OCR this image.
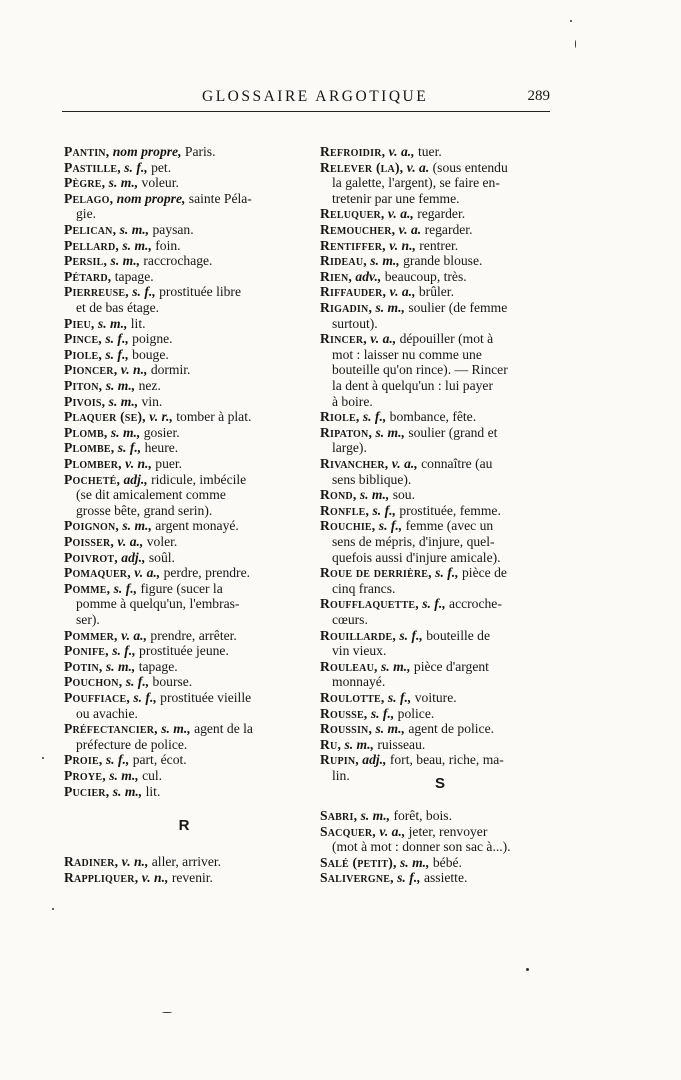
GLOSSAIRE ARGOTIQUE	289
Pantin, nom propre, Paris.
Pastille, s. f., pet.
Pègre, s. m., voleur.
Pelago, nom propre, sainte Péla-
gie.
Pelican, s. m., paysan.
Pellard, s. m., foin.
Persil, s. m., raccrochage.
Pétard, tapage.
Pierreuse, s. f., prostituée libre
et de bas étage.
Pieu, s. m., lit.
Pince, s. f., poigne.
Piole, s. f., bouge.
Pioncer, v. n., dormir.
Piton, s. m., nez.
Pivois, s. m., vin.
Plaquer (se), v. r., tomber à plat.
Plomb, s. m., gosier.
Plombe, s. f., heure.
Plomber, v. n., puer.
Pocheté, adj., ridicule, imbécile
(se dit amicalement comme
grosse bête, grand serin).
Poignon, s. m., argent monayé.
Poisser, v. a., voler.
Poivrot, adj., soûl.
Pomaquer, v. a., perdre, prendre.
Pomme, s. f., figure (sucer la
pomme à quelqu'un, l'embras-
ser).
Pommer, v. a., prendre, arrêter.
Ponife, s. f., prostituée jeune.
Potin, s. m., tapage.
Pouchon, s. f., bourse.
Pouffiace, s. f., prostituée vieille
ou avachie.
Préfectancier, s. m., agent de la
préfecture de police.
Proie, s. f., part, écot.
Proye, s. m., cul.
Pucier, s. m., lit.
R
Radiner, v. n., aller, arriver.
Rappliquer, v. n., revenir.
Refroidir, v. a., tuer.
Relever (la), v. a. (sous entendu
la galette, l'argent), se faire en-
tretenir par une femme.
Reluquer, v. a., regarder.
Remoucher, v. a. regarder.
Rentiffer, v. n., rentrer.
Rideau, s. m., grande blouse.
Rien, adv., beaucoup, très.
Riffauder, v. a., brûler.
Rigadin, s. m., soulier (de femme
surtout).
Rincer, v. a., dépouiller (mot à
mot : laisser nu comme une
bouteille qu'on rince). — Rincer
la dent à quelqu'un : lui payer
à boire.
Riole, s. f., bombance, fête.
Ripaton, s. m., soulier (grand et
large).
Rivancher, v. a., connaître (au
sens biblique).
Rond, s. m., sou.
Ronfle, s. f., prostituée, femme.
Rouchie, s. f., femme (avec un
sens de mépris, d'injure, quel-
quefois aussi d'injure amicale).
Roue de derrière, s. f., pièce de
cinq francs.
Roufflaquette, s. f., accroche-
cœurs.
Rouillarde, s. f., bouteille de
vin vieux.
Rouleau, s. m., pièce d'argent
monnayé.
Roulotte, s. f., voiture.
Rousse, s. f., police.
Roussin, s. m., agent de police.
Ru, s. m., ruisseau.
Rupin, adj., fort, beau, riche, ma-
lin.	S
Sabri, s. m., forêt, bois.
Sacquer, v. a., jeter, renvoyer
(mot à mot : donner son sac à...).
Salé (petit), s. m., bébé.
Salivergne, s. f., assiette.
